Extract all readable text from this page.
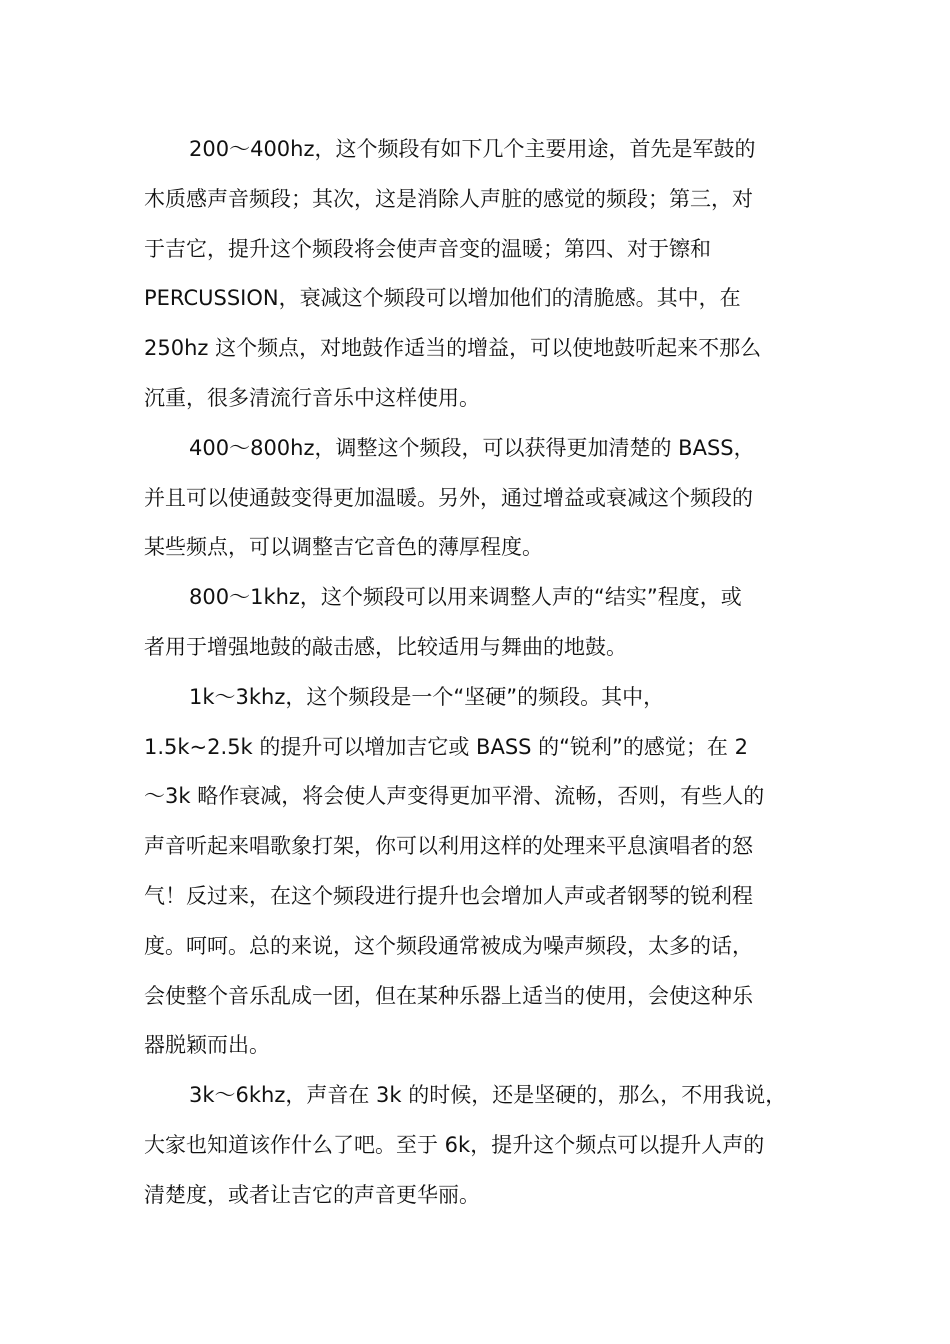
200～400hz，这个频段有如下几个主要用途，首先是军鼓的
木质感声音频段；其次，这是消除人声脏的感觉的频段；第三，对
于吉它，提升这个频段将会使声音变的温暖；第四、对于镲和
PERCUSSION，衰减这个频段可以增加他们的清脆感。其中，在
250hz 这个频点，对地鼓作适当的增益，可以使地鼓听起来不那么
沉重，很多清流行音乐中这样使用。
400～800hz，调整这个频段，可以获得更加清楚的 BASS，
并且可以使通鼓变得更加温暖。另外，通过增益或衰减这个频段的
某些频点，可以调整吉它音色的薄厚程度。
800～1khz，这个频段可以用来调整人声的“结实”程度，或
者用于增强地鼓的敲击感，比较适用与舞曲的地鼓。
1k～3khz，这个频段是一个“坚硬”的频段。其中，
1.5k~2.5k 的提升可以增加吉它或 BASS 的“锐利”的感觉；在 2
～3k 略作衰减，将会使人声变得更加平滑、流畅，否则，有些人的
声音听起来唱歌象打架，你可以利用这样的处理来平息演唱者的怒
气！反过来，在这个频段进行提升也会增加人声或者钢琴的锐利程
度。呵呵。总的来说，这个频段通常被成为噪声频段，太多的话，
会使整个音乐乱成一团，但在某种乐器上适当的使用，会使这种乐
器脱颖而出。
3k～6khz，声音在 3k 的时候，还是坚硬的，那么，不用我说，
大家也知道该作什么了吧。至于 6k，提升这个频点可以提升人声的
清楚度，或者让吉它的声音更华丽。
